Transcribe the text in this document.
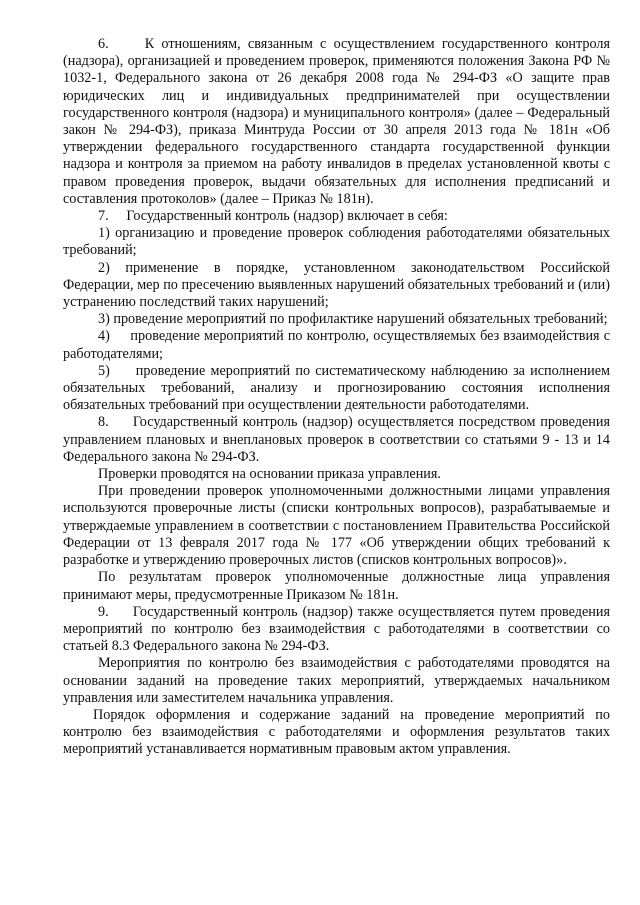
6.     К отношениям, связанным с осуществлением государственного контроля (надзора), организацией и проведением проверок, применяются положения Закона РФ № 1032-1, Федерального закона от 26 декабря 2008 года № 294-ФЗ «О защите прав юридических лиц и индивидуальных предпринимателей при осуществлении государственного контроля (надзора) и муниципального контроля» (далее – Федеральный закон № 294-ФЗ), приказа Минтруда России от 30 апреля 2013 года № 181н «Об утверждении федерального государственного стандарта государственной функции надзора и контроля за приемом на работу инвалидов в пределах установленной квоты с правом проведения проверок, выдачи обязательных для исполнения предписаний и составления протоколов» (далее – Приказ № 181н).

7.     Государственный контроль (надзор) включает в себя:

1) организацию и проведение проверок соблюдения работодателями обязательных требований;

2) применение в порядке, установленном законодательством Российской Федерации, мер по пресечению выявленных нарушений обязательных требований и (или) устранению последствий таких нарушений;

3) проведение мероприятий по профилактике нарушений обязательных требований;

4)     проведение мероприятий по контролю, осуществляемых без взаимодействия с работодателями;

5)     проведение мероприятий по систематическому наблюдению за исполнением обязательных требований, анализу и прогнозированию состояния исполнения обязательных требований при осуществлении деятельности работодателями.

8.     Государственный контроль (надзор) осуществляется посредством проведения управлением плановых и внеплановых проверок в соответствии со статьями 9 - 13 и 14 Федерального закона № 294-ФЗ.

Проверки проводятся на основании приказа управления.

При проведении проверок уполномоченными должностными лицами управления используются проверочные листы (списки контрольных вопросов), разрабатываемые и утверждаемые управлением в соответствии с постановлением Правительства Российской Федерации от 13 февраля 2017 года № 177 «Об утверждении общих требований к разработке и утверждению проверочных листов (списков контрольных вопросов)».

По результатам проверок уполномоченные должностные лица управления принимают меры, предусмотренные Приказом № 181н.

9.     Государственный контроль (надзор) также осуществляется путем проведения мероприятий по контролю без взаимодействия с работодателями в соответствии со статьей 8.3 Федерального закона № 294-ФЗ.

Мероприятия по контролю без взаимодействия с работодателями проводятся на основании заданий на проведение таких мероприятий, утверждаемых начальником управления или заместителем начальника управления.

Порядок оформления и содержание заданий на проведение мероприятий по контролю без взаимодействия с работодателями и оформления результатов таких мероприятий устанавливается нормативным правовым актом управления.
